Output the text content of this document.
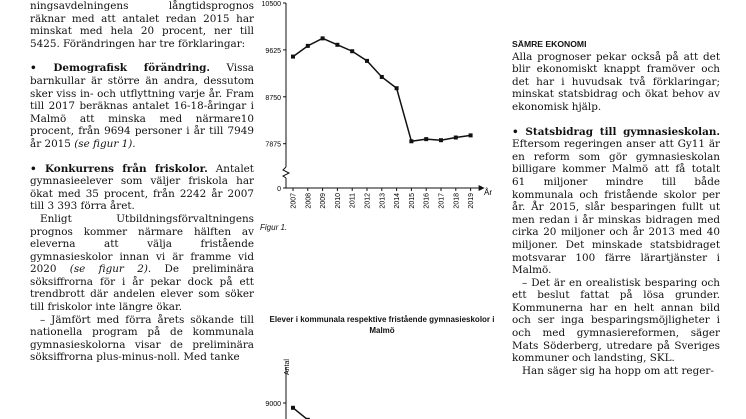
ningsavdelningens långtidsprognos räknar med att antalet redan 2015 har minskat med hela 20 procent, ner till 5425. Förändringen har tre förklaringar:

• Demografisk förändring. Vissa barnkullar är större än andra, dessutom sker viss in- och utflyttning varje år. Fram till 2017 beräknas antalet 16-18-åringar i Malmö att minska med närmare10 procent, från 9694 personer i år till 7949 år 2015 (se figur 1).

• Konkurrens från friskolor. Antalet gymnasieelever som väljer friskola har ökat med 35 procent, från 2242 år 2007 till 3 393 förra året.

Enligt Utbildningsförvaltningens prognos kommer närmare hälften av eleverna att välja fristående gymnasieskolor innan vi är framme vid 2020 (se figur 2). De preliminära söksiffrorna för i år pekar dock på ett trendbrott där andelen elever som söker till friskolor inte längre ökar.

– Jämfört med förra årets sökande till nationella program på de kommunala gymnasieskolorna visar de preliminära söksiffrorna plus-minus-noll. Med tanke

0
7875
8750
9625
10500
2007 2008 2009 2010 2011 2012 2013 2014 2015 2016 2017 2018 2019
År
Figur 1.
Elever i kommunala respektive fristående gymnasieskolor i Malmö
9000
Antal

SÄMRE EKONOMI

Alla prognoser pekar också på att det blir ekonomiskt knappt framöver och det har i huvudsak två förklaringar; minskat statsbidrag och ökat behov av ekonomisk hjälp.

• Statsbidrag till gymnasieskolan. Eftersom regeringen anser att Gy11 är en reform som gör gymnasieskolan billigare kommer Malmö att få totalt 61 miljoner mindre till både kommunala och fristående skolor per år. År 2015, slår besparingen fullt ut men redan i år minskas bidragen med cirka 20 miljoner och år 2013 med 40 miljoner. Det minskade statsbidraget motsvarar 100 färre lärartjänster i Malmö.

– Det är en orealistisk besparing och ett beslut fattat på lösa grunder. Kommunerna har en helt annan bild och ser inga besparingsmöjligheter i och med gymnasiereformen, säger Mats Söderberg, utredare på Sveriges kommuner och landsting, SKL.

Han säger sig ha hopp om att reger-
